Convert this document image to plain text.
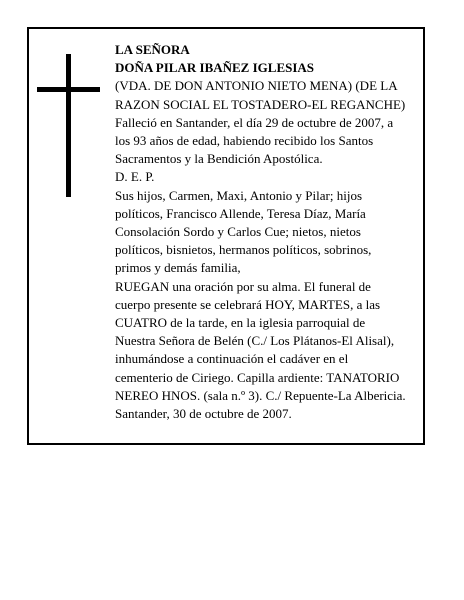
LA SEÑORA
DOÑA PILAR IBAÑEZ IGLESIAS
(VDA. DE DON ANTONIO NIETO MENA) (DE LA
RAZON SOCIAL EL TOSTADERO-EL REGANCHE)
Falleció en Santander, el día 29 de octubre de 2007, a
los 93 años de edad, habiendo recibido los Santos
Sacramentos y la Bendición Apostólica.
D. E. P.
Sus hijos, Carmen, Maxi, Antonio y Pilar; hijos
políticos, Francisco Allende, Teresa Díaz, María
Consolación Sordo y Carlos Cue; nietos, nietos
políticos, bisnietos, hermanos políticos, sobrinos,
primos y demás familia,
RUEGAN una oración por su alma. El funeral de
cuerpo presente se celebrará HOY, MARTES, a las
CUATRO de la tarde, en la iglesia parroquial de
Nuestra Señora de Belén (C./ Los Plátanos-El Alisal),
inhumándose a continuación el cadáver en el
cementerio de Ciriego. Capilla ardiente: TANATORIO
NEREO HNOS. (sala n.º 3). C./ Repuente-La Albericia.
Santander, 30 de octubre de 2007.
